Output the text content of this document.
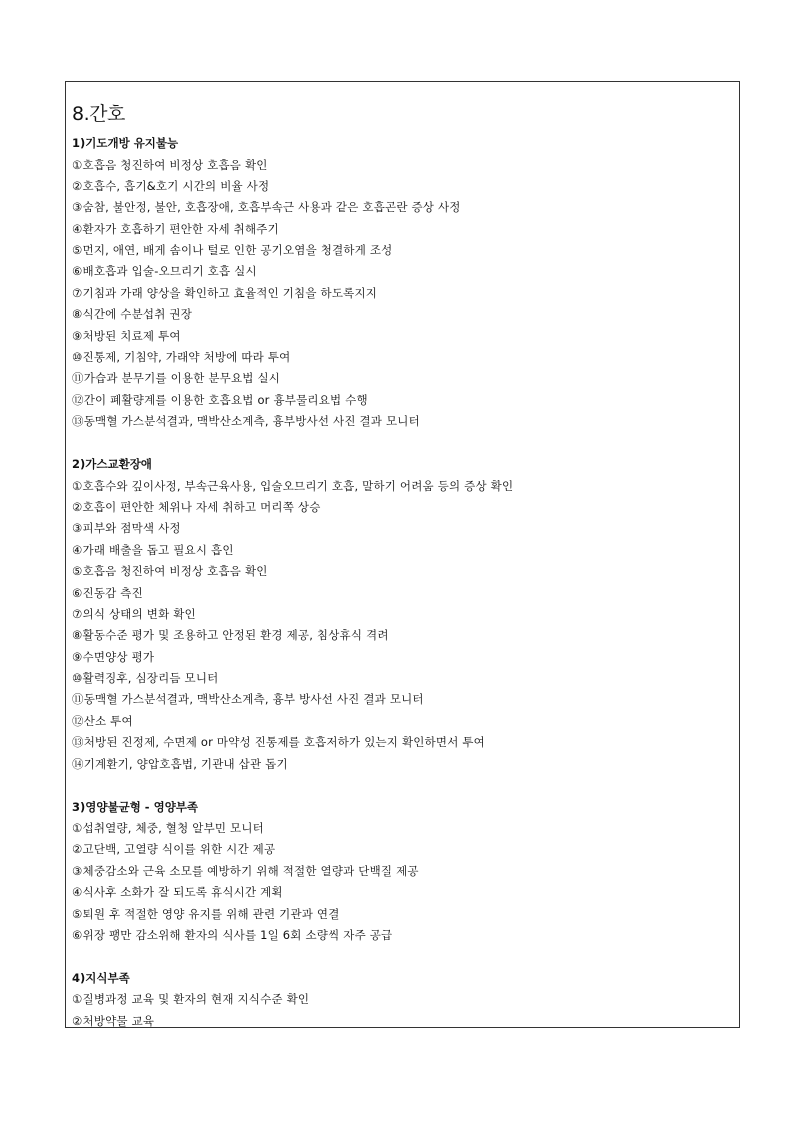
8.간호
1)기도개방 유지불능
①호흡음 청진하여 비정상 호흡음 확인
②호흡수, 흡기&호기 시간의 비율 사정
③숨참, 불안정, 불안, 호흡장애, 호흡부속근 사용과 같은 호흡곤란 증상 사정
④환자가 호흡하기 편안한 자세 취해주기
⑤먼지, 애연, 배게 솜이나 털로 인한 공기오염을 청결하게 조성
⑥배호흡과 입술-오므리기 호흡 실시
⑦기침과 가래 양상을 확인하고 효율적인 기침을 하도록지지
⑧식간에 수분섭취 권장
⑨처방된 치료제 투여
⑩진통제, 기침약, 가래약 처방에 따라 투여
⑪가습과 분무기를 이용한 분무요법 실시
⑫간이 폐활량계를 이용한 호흡요법 or 흉부물리요법 수행
⑬동맥혈 가스분석결과, 맥박산소계측, 흉부방사선 사진 결과 모니터
2)가스교환장애
①호흡수와 깊이사정, 부속근육사용, 입술오므리기 호흡, 말하기 어려움 등의 증상 확인
②호흡이 편안한 체위나 자세 취하고 머리쪽 상승
③피부와 점막색 사정
④가래 배출을 돕고 필요시 흡인
⑤호흡음 청진하여 비정상 호흡음 확인
⑥진동감 측진
⑦의식 상태의 변화 확인
⑧활동수준 평가 및 조용하고 안정된 환경 제공, 침상휴식 격려
⑨수면양상 평가
⑩활력징후, 심장리듬 모니터
⑪동맥혈 가스분석결과, 맥박산소계측, 흉부 방사선 사진 결과 모니터
⑫산소 투여
⑬처방된 진정제, 수면제 or 마약성 진통제를 호흡저하가 있는지 확인하면서 투여
⑭기계환기, 양압호흡법, 기관내 삽관 돕기
3)영양불균형 - 영양부족
①섭취열량, 체중, 혈청 알부민 모니터
②고단백, 고열량 식이를 위한 시간 제공
③체중감소와 근육 소모를 예방하기 위해 적절한 열량과 단백질 제공
④식사후 소화가 잘 되도록 휴식시간 계획
⑤퇴원 후 적절한 영양 유지를 위해 관련 기관과 연결
⑥위장 팽만 감소위해 환자의 식사를 1일 6회 소량씩 자주 공급
4)지식부족
①질병과정 교육 및 환자의 현재 지식수준 확인
②처방약물 교육
